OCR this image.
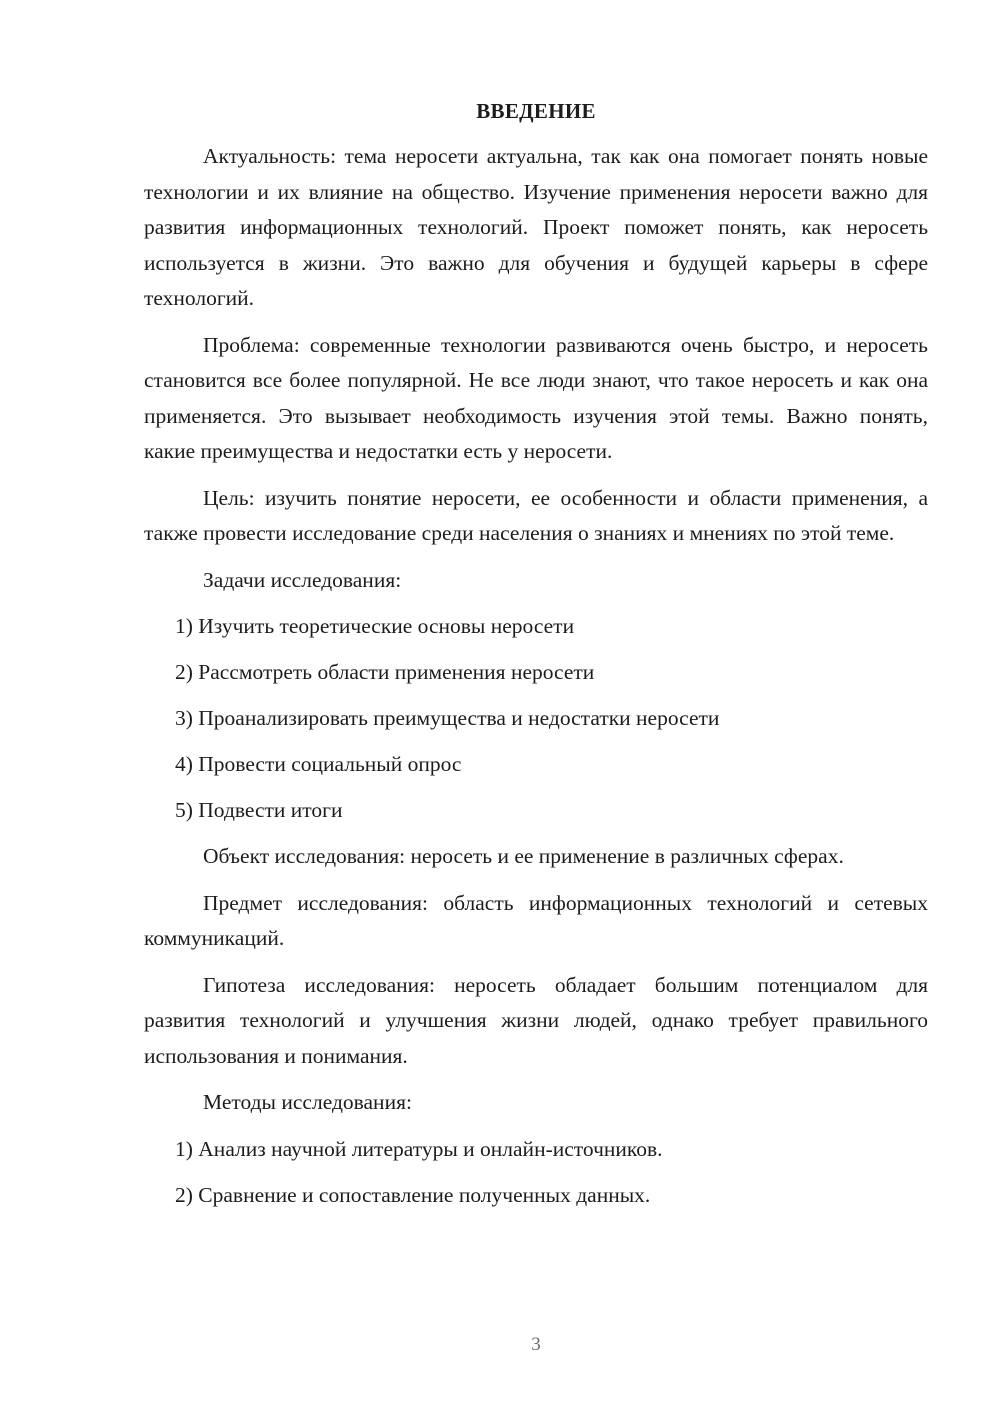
ВВЕДЕНИЕ

Актуальность: тема неросети актуальна, так как она помогает понять новые технологии и их влияние на общество. Изучение применения неросети важно для развития информационных технологий. Проект поможет понять, как неросеть используется в жизни. Это важно для обучения и будущей карьеры в сфере технологий.

Проблема: современные технологии развиваются очень быстро, и неросеть становится все более популярной. Не все люди знают, что такое неросеть и как она применяется. Это вызывает необходимость изучения этой темы. Важно понять, какие преимущества и недостатки есть у неросети.

Цель: изучить понятие неросети, ее особенности и области применения, а также провести исследование среди населения о знаниях и мнениях по этой теме.

Задачи исследования:

1) Изучить теоретические основы неросети
2) Рассмотреть области применения неросети
3) Проанализировать преимущества и недостатки неросети
4) Провести социальный опрос
5) Подвести итоги

Объект исследования: неросеть и ее применение в различных сферах.

Предмет исследования: область информационных технологий и сетевых коммуникаций.

Гипотеза исследования: неросеть обладает большим потенциалом для развития технологий и улучшения жизни людей, однако требует правильного использования и понимания.

Методы исследования:

1) Анализ научной литературы и онлайн-источников.
2) Сравнение и сопоставление полученных данных.
3
